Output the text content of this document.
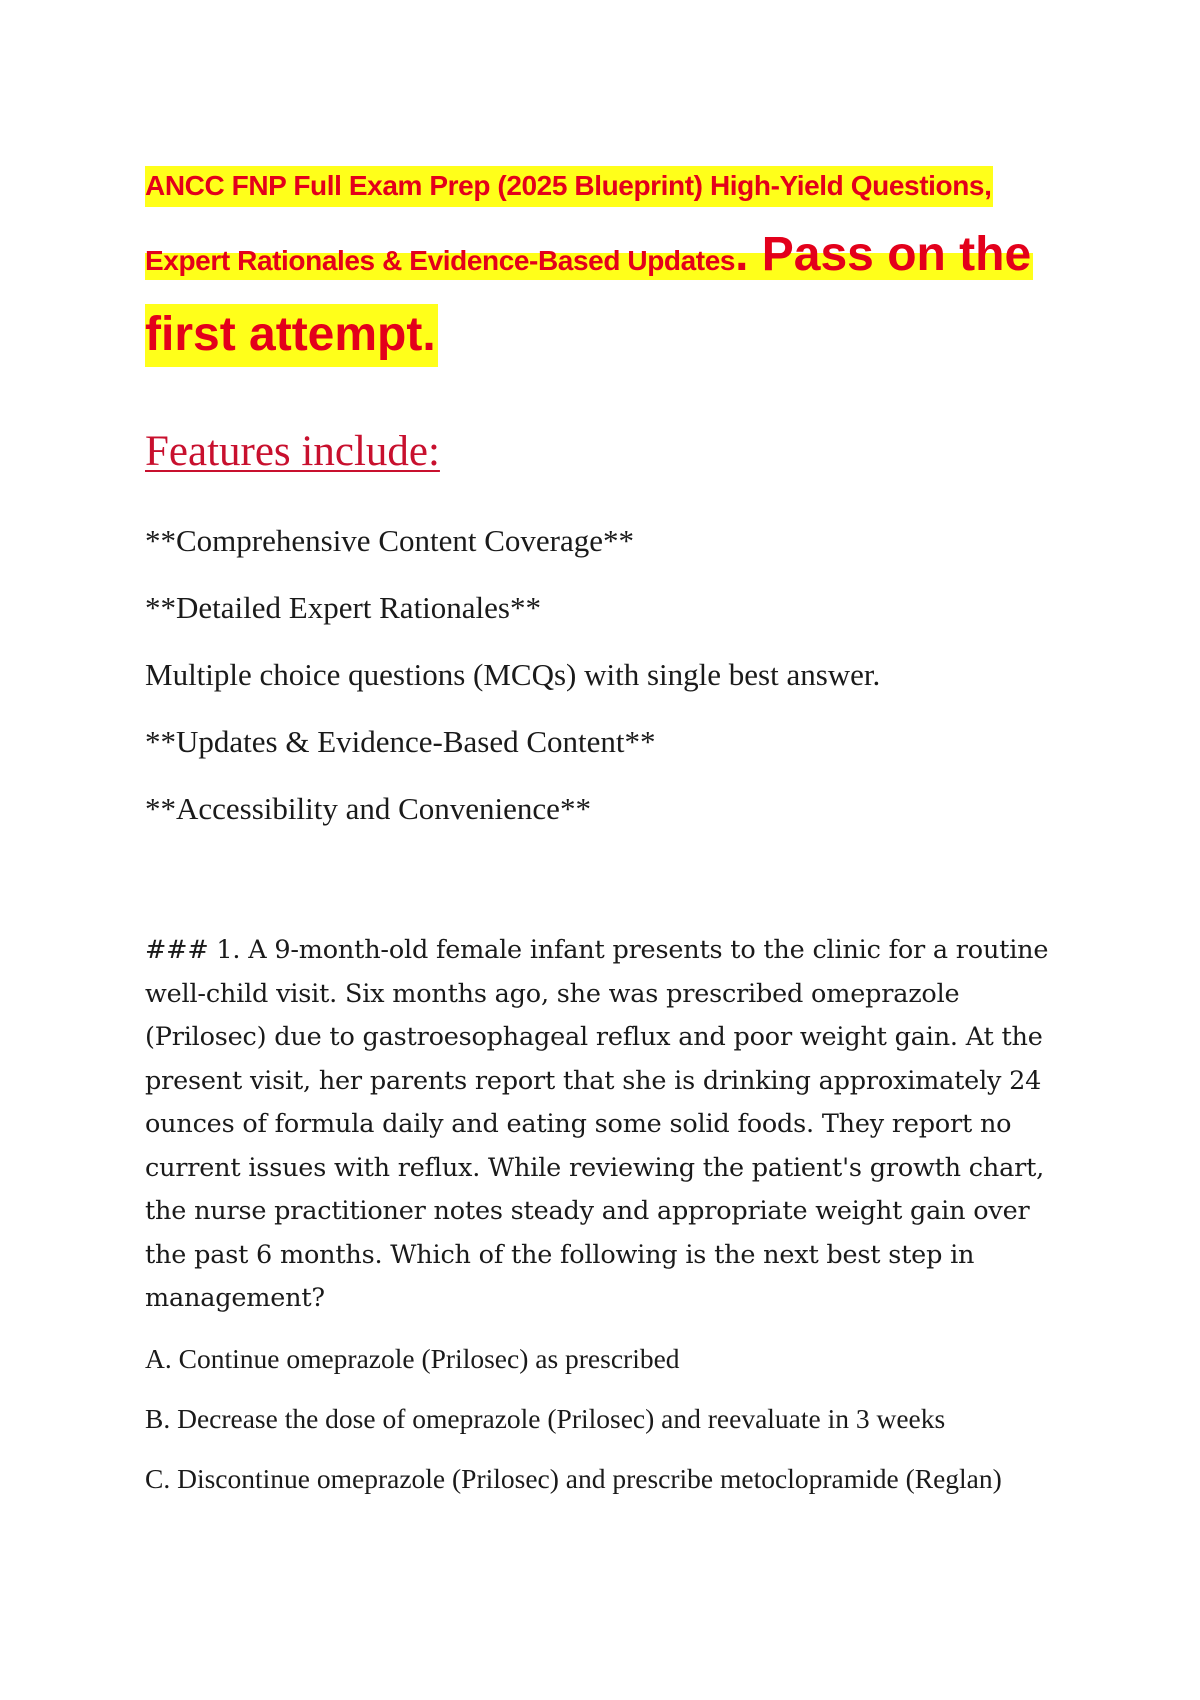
ANCC FNP Full Exam Prep (2025 Blueprint) High-Yield Questions,
Expert Rationales & Evidence-Based Updates. Pass on the
first attempt.
Features include:
**Comprehensive Content Coverage**
**Detailed Expert Rationales**
Multiple choice questions (MCQs) with single best answer.
**Updates & Evidence-Based Content**
**Accessibility and Convenience**
### 1. A 9-month-old female infant presents to the clinic for a routine well-child visit. Six months ago, she was prescribed omeprazole (Prilosec) due to gastroesophageal reflux and poor weight gain. At the present visit, her parents report that she is drinking approximately 24 ounces of formula daily and eating some solid foods. They report no current issues with reflux. While reviewing the patient's growth chart, the nurse practitioner notes steady and appropriate weight gain over the past 6 months. Which of the following is the next best step in management?
A. Continue omeprazole (Prilosec) as prescribed
B. Decrease the dose of omeprazole (Prilosec) and reevaluate in 3 weeks
C. Discontinue omeprazole (Prilosec) and prescribe metoclopramide (Reglan)
